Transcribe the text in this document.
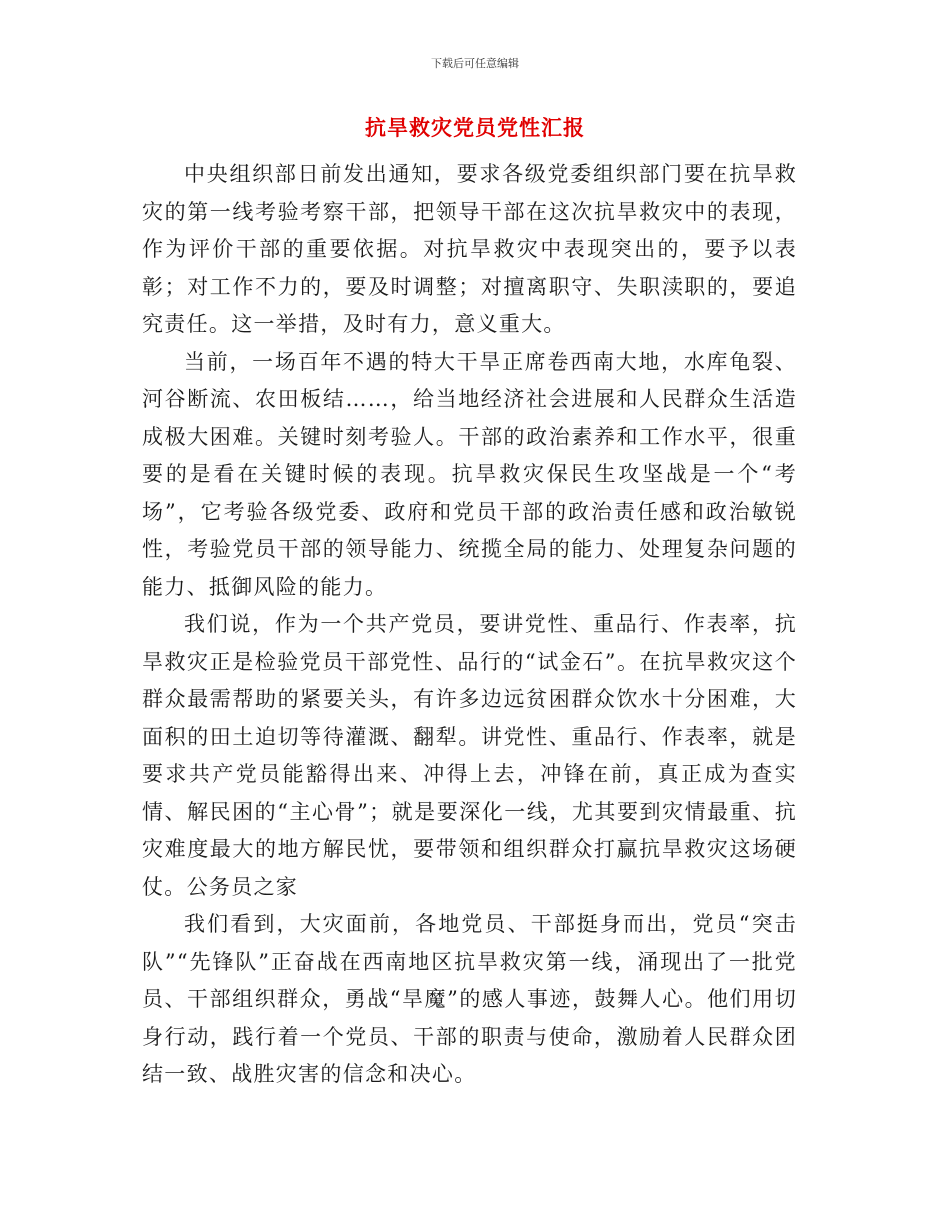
下载后可任意编辑
抗旱救灾党员党性汇报

中央组织部日前发出通知，要求各级党委组织部门要在抗旱救灾的第一线考验考察干部，把领导干部在这次抗旱救灾中的表现，作为评价干部的重要依据。对抗旱救灾中表现突出的，要予以表彰；对工作不力的，要及时调整；对擅离职守、失职渎职的，要追究责任。这一举措，及时有力，意义重大。

当前，一场百年不遇的特大干旱正席卷西南大地，水库龟裂、河谷断流、农田板结……，给当地经济社会进展和人民群众生活造成极大困难。关键时刻考验人。干部的政治素养和工作水平，很重要的是看在关键时候的表现。抗旱救灾保民生攻坚战是一个“考场”，它考验各级党委、政府和党员干部的政治责任感和政治敏锐性，考验党员干部的领导能力、统揽全局的能力、处理复杂问题的能力、抵御风险的能力。

我们说，作为一个共产党员，要讲党性、重品行、作表率，抗旱救灾正是检验党员干部党性、品行的“试金石”。在抗旱救灾这个群众最需帮助的紧要关头，有许多边远贫困群众饮水十分困难，大面积的田土迫切等待灌溉、翻犁。讲党性、重品行、作表率，就是要求共产党员能豁得出来、冲得上去，冲锋在前，真正成为查实情、解民困的“主心骨”；就是要深化一线，尤其要到灾情最重、抗灾难度最大的地方解民忧，要带领和组织群众打赢抗旱救灾这场硬仗。公务员之家

我们看到，大灾面前，各地党员、干部挺身而出，党员“突击队”“先锋队”正奋战在西南地区抗旱救灾第一线，涌现出了一批党员、干部组织群众，勇战“旱魔”的感人事迹，鼓舞人心。他们用切身行动，践行着一个党员、干部的职责与使命，激励着人民群众团结一致、战胜灾害的信念和决心。
